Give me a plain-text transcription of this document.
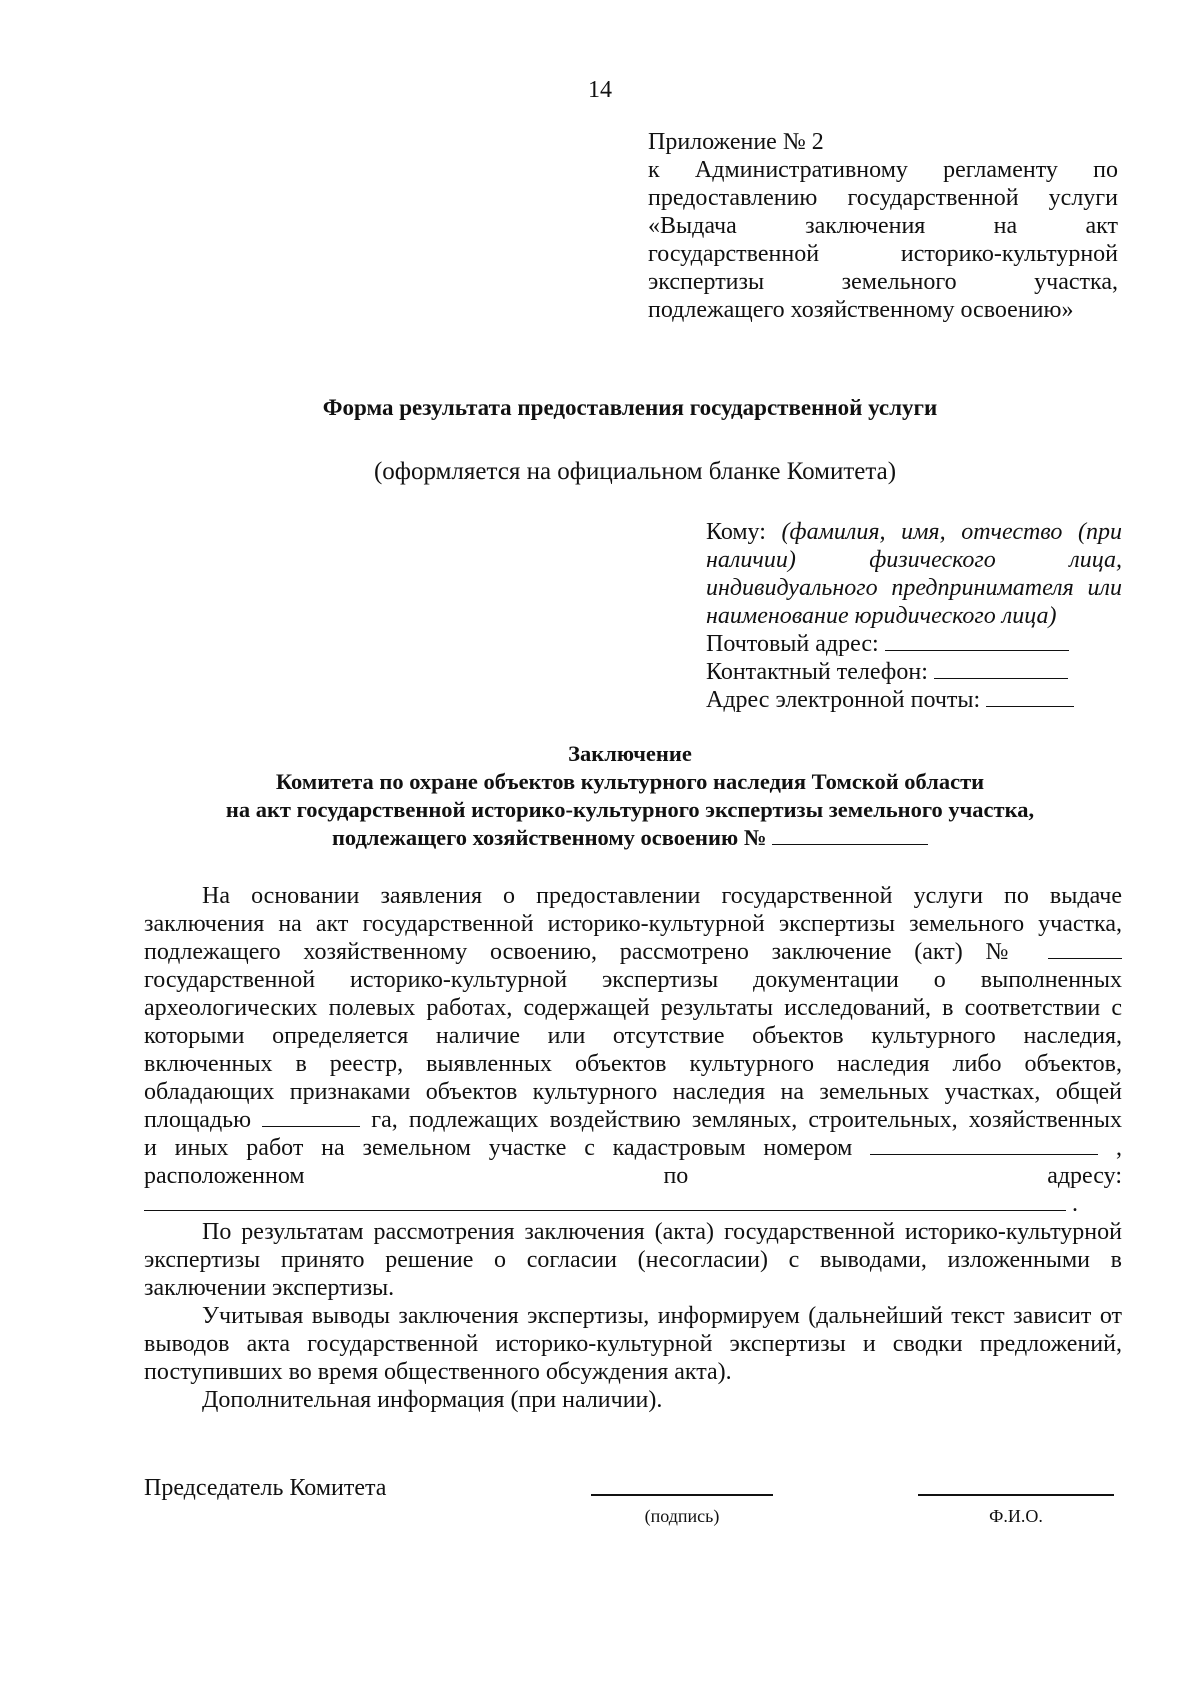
14
Приложение № 2
к Административному регламенту по
предоставлению государственной услуги
«Выдача заключения на акт
государственной историко-культурной
экспертизы земельного участка,
подлежащего хозяйственному освоению»
Форма результата предоставления государственной услуги
(оформляется на официальном бланке Комитета)
Кому: (фамилия, имя, отчество (при
наличии) физического лица,
индивидуального предпринимателя или
наименование юридического лица)
Почтовый адрес:
Контактный телефон:
Адрес электронной почты:
Заключение
Комитета по охране объектов культурного наследия Томской области
на акт государственной историко-культурного экспертизы земельного участка,
подлежащего хозяйственному освоению №
На основании заявления о предоставлении государственной услуги по выдаче
заключения на акт государственной историко-культурной экспертизы земельного участка,
подлежащего хозяйственному освоению, рассмотрено заключение (акт) №
государственной историко-культурной экспертизы документации о выполненных
археологических полевых работах, содержащей результаты исследований, в соответствии с
которыми определяется наличие или отсутствие объектов культурного наследия,
включенных в реестр, выявленных объектов культурного наследия либо объектов,
обладающих признаками объектов культурного наследия на земельных участках, общей
площадью	га, подлежащих воздействию земляных, строительных, хозяйственных
и иных работ на земельном участке с кадастровым номером	,
расположенном по адресу:
.
По результатам рассмотрения заключения (акта) государственной историко-культурной
экспертизы принято решение о согласии (несогласии) с выводами, изложенными в
заключении экспертизы.
Учитывая выводы заключения экспертизы, информируем (дальнейший текст зависит от
выводов акта государственной историко-культурной экспертизы и сводки предложений,
поступивших во время общественного обсуждения акта).
Дополнительная информация (при наличии).
Председатель Комитета
(подпись)	Ф.И.О.
